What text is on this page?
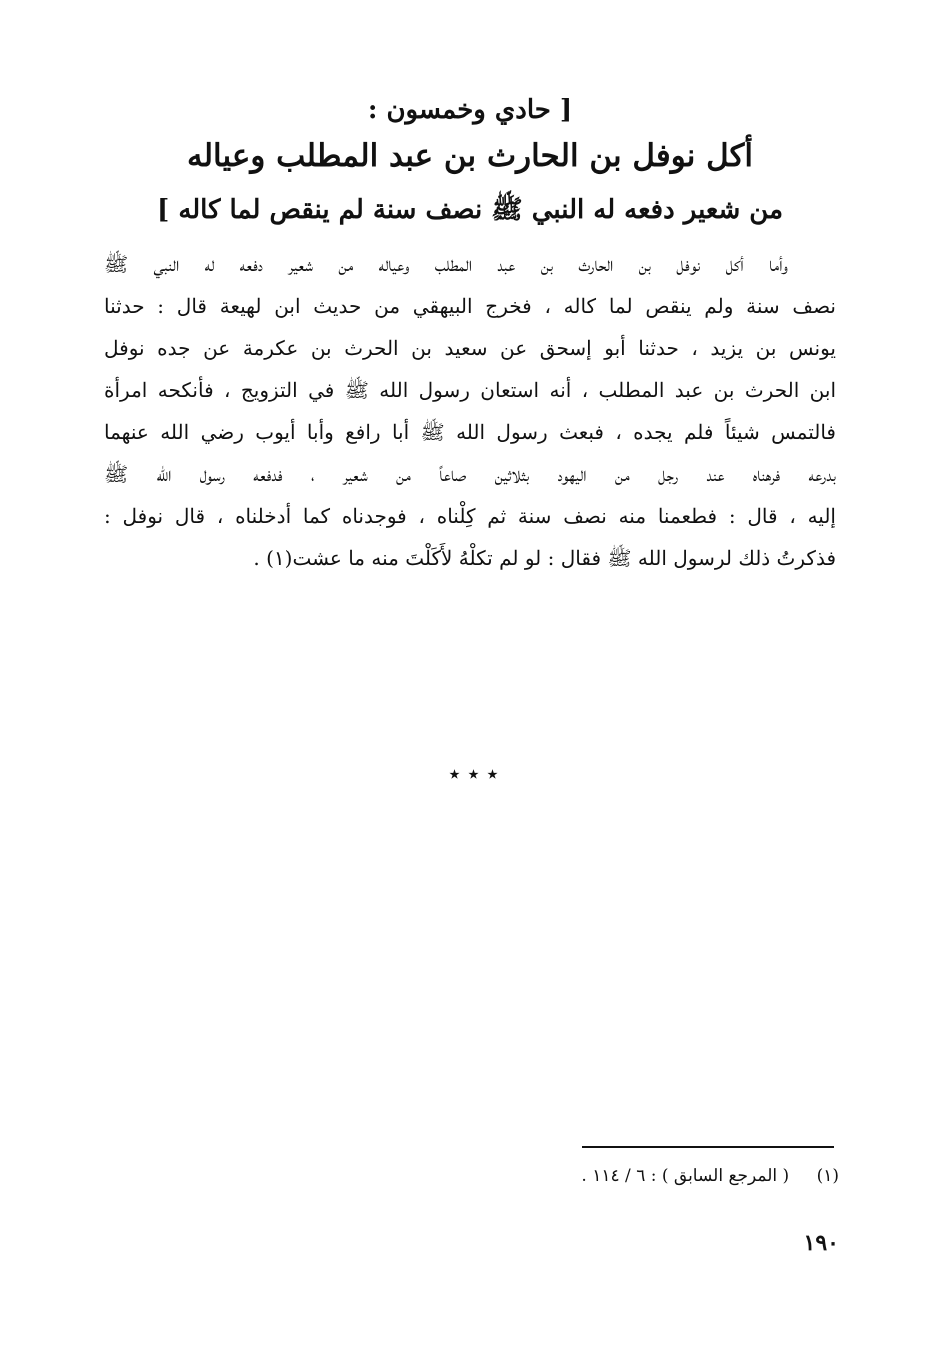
[ حادي وخمسون :
أكل نوفل بن الحارث بن عبد المطلب وعياله
من شعير دفعه له النبي ﷺ نصف سنة لم ينقص لما كاله ]
وأما أكل نوفل بن الحارث بن عبد المطلب وعياله من شعير دفعه له النبي ﷺ
نصف سنة ولم ينقص لما كاله ، فخرج البيهقي من حديث ابن لهيعة قال : حدثنا
يونس بن يزيد ، حدثنا أبو إسحق عن سعيد بن الحرث بن عكرمة عن جده نوفل
ابن الحرث بن عبد المطلب ، أنه استعان رسول الله ﷺ في التزويج ، فأنكحه امرأة
فالتمس شيئاً فلم يجده ، فبعث رسول الله ﷺ أبا رافع وأبا أيوب رضي الله عنهما
بدرعه فرهناه عند رجل من اليهود بثلاثين صاعاً من شعير ، فدفعه رسول الله ﷺ
إليه ، قال : فطعمنا منه نصف سنة ثم كِلْناه ، فوجدناه كما أدخلناه ، قال نوفل :
فذكرتُ ذلك لرسول الله ﷺ فقال : لو لم تكلْهُ لأَكَلْتَ منه ما عشت(١) .
٭ ٭ ٭
(١) ( المرجع السابق ) : ٦ / ١١٤ .
١٩٠
